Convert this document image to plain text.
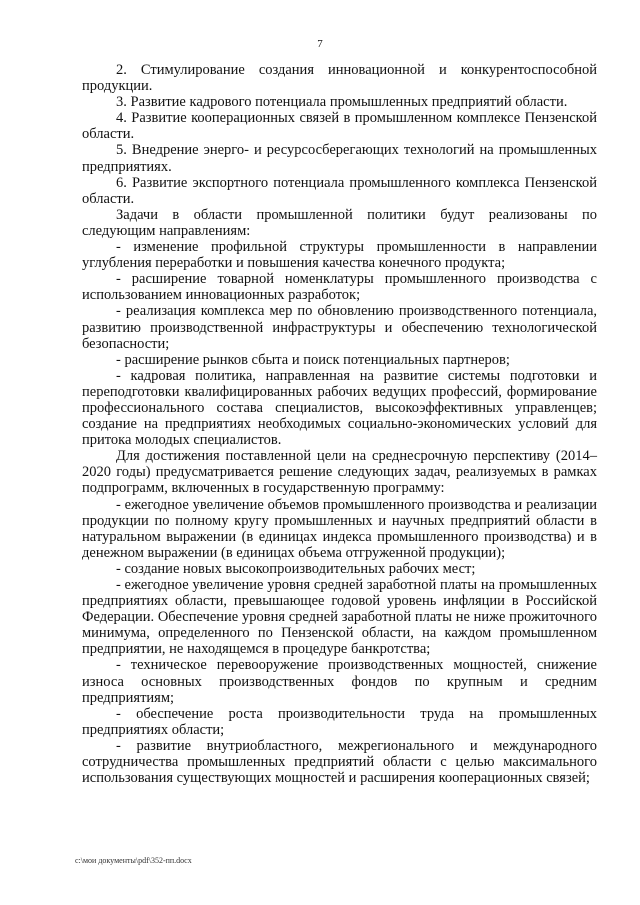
7

2. Стимулирование создания инновационной и конкурентоспособной продукции.

3. Развитие кадрового потенциала промышленных предприятий области.

4. Развитие кооперационных связей в промышленном комплексе Пензенской области.

5. Внедрение энерго- и ресурсосберегающих технологий на промышленных предприятиях.

6. Развитие экспортного потенциала промышленного комплекса Пензенской области.

Задачи в области промышленной политики будут реализованы по следующим направлениям:

- изменение профильной структуры промышленности в направлении углубления переработки и повышения качества конечного продукта;

- расширение товарной номенклатуры промышленного производства с использованием инновационных разработок;

- реализация комплекса мер по обновлению производственного потенциала, развитию производственной инфраструктуры и обеспечению технологической безопасности;

- расширение рынков сбыта и поиск потенциальных партнеров;

- кадровая политика, направленная на развитие системы подготовки и переподготовки квалифицированных рабочих ведущих профессий, формирование профессионального состава специалистов, высокоэффективных управленцев; создание на предприятиях необходимых социально-экономических условий для притока молодых специалистов.

Для достижения поставленной цели на среднесрочную перспективу (2014–2020 годы) предусматривается решение следующих задач, реализуемых в рамках подпрограмм, включенных в государственную программу:

- ежегодное увеличение объемов промышленного производства и реализации продукции по полному кругу промышленных и научных предприятий области в натуральном выражении (в единицах индекса промышленного производства) и в денежном выражении (в единицах объема отгруженной продукции);

- создание новых высокопроизводительных рабочих мест;

- ежегодное увеличение уровня средней заработной платы на промышленных предприятиях области, превышающее годовой уровень инфляции в Российской Федерации. Обеспечение уровня средней заработной платы не ниже прожиточного минимума, определенного по Пензенской области, на каждом промышленном предприятии, не находящемся в процедуре банкротства;

- техническое перевооружение производственных мощностей, снижение износа основных производственных фондов по крупным и средним предприятиям;

- обеспечение роста производительности труда на промышленных предприятиях области;

- развитие внутриобластного, межрегионального и международного сотрудничества промышленных предприятий области с целью максимального использования существующих мощностей и расширения кооперационных связей;

c:\мои документы\pdf\352-пп.docx
